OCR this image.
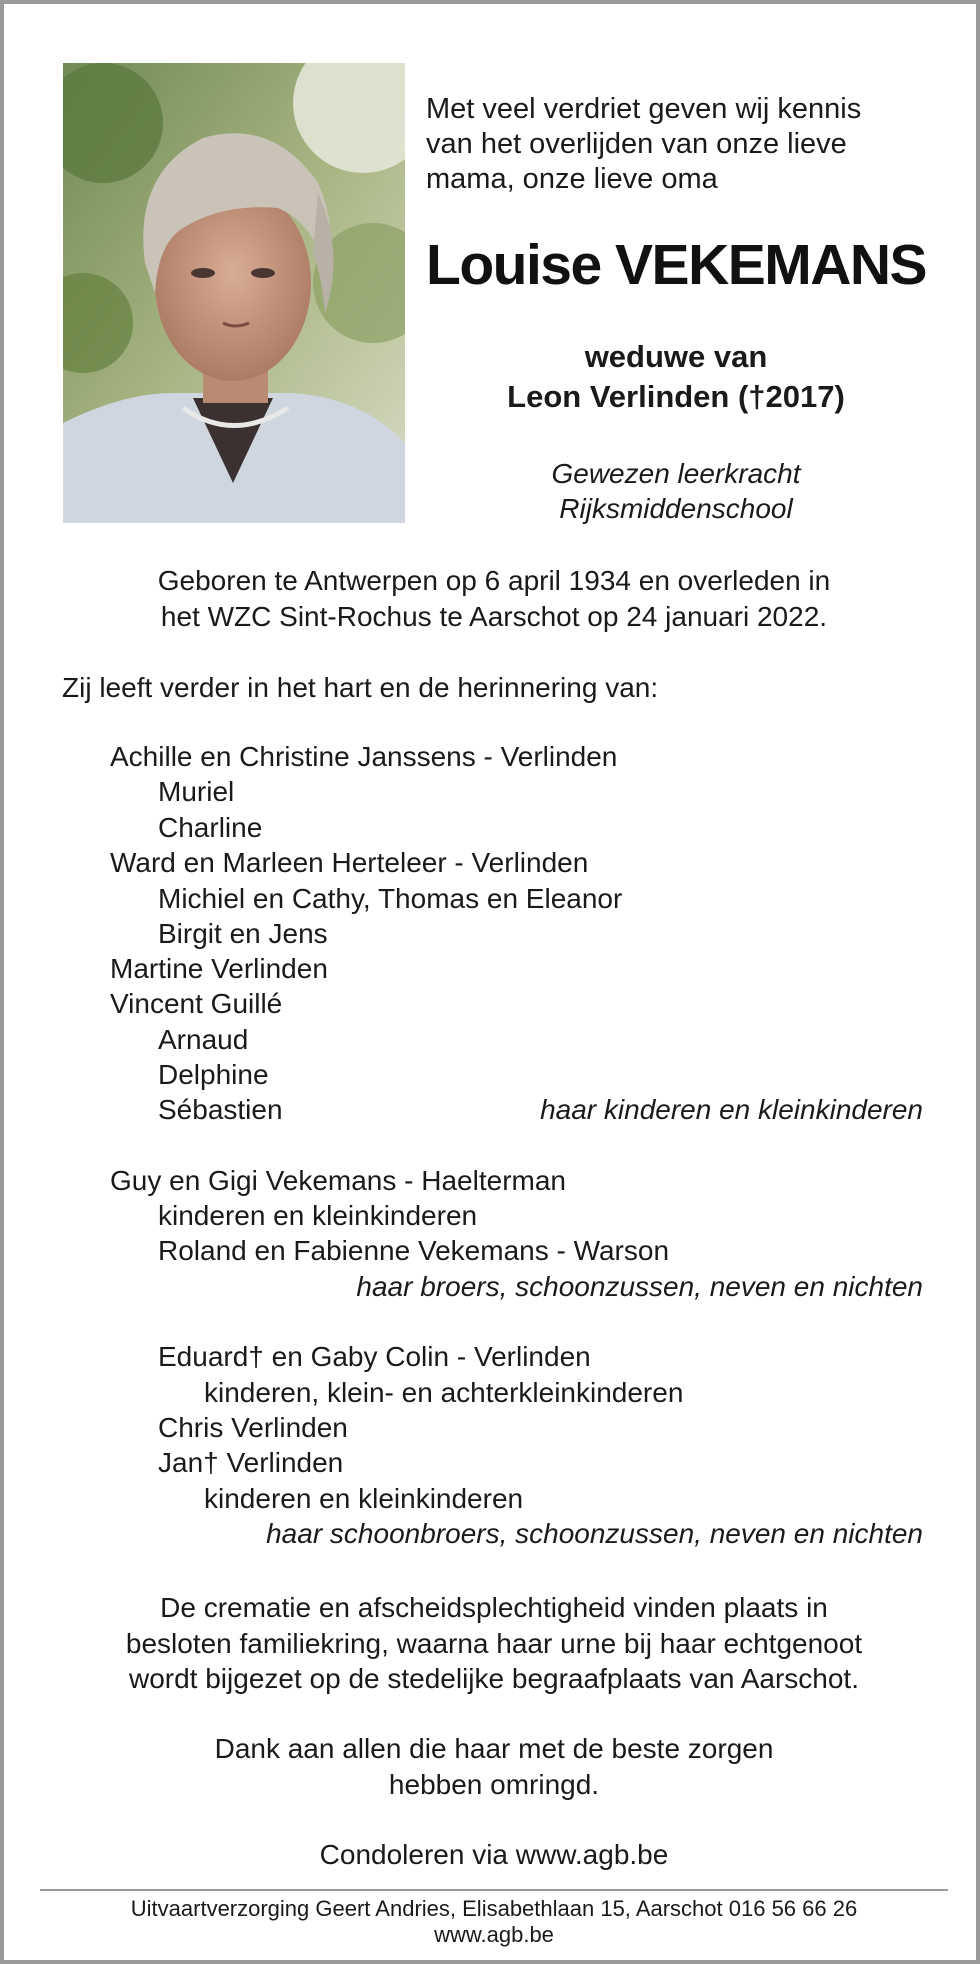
Met veel verdriet geven wij kennis
van het overlijden van onze lieve
mama, onze lieve oma
Louise VEKEMANS
weduwe van
Leon Verlinden (†2017)
Gewezen leerkracht
Rijksmiddenschool
Geboren te Antwerpen op 6 april 1934 en overleden in
het WZC Sint-Rochus te Aarschot op 24 januari 2022.
Zij leeft verder in het hart en de herinnering van:
Achille en Christine Janssens - Verlinden
Muriel
Charline
Ward en Marleen Herteleer - Verlinden
Michiel en Cathy, Thomas en Eleanor
Birgit en Jens
Martine Verlinden
Vincent Guillé
Arnaud
Delphine
Sébastien	haar kinderen en kleinkinderen
Guy en Gigi Vekemans - Haelterman
kinderen en kleinkinderen
Roland en Fabienne Vekemans - Warson
haar broers, schoonzussen, neven en nichten
Eduard† en Gaby Colin - Verlinden
kinderen, klein- en achterkleinkinderen
Chris Verlinden
Jan† Verlinden
kinderen en kleinkinderen
haar schoonbroers, schoonzussen, neven en nichten
De crematie en afscheidsplechtigheid vinden plaats in
besloten familiekring, waarna haar urne bij haar echtgenoot
wordt bijgezet op de stedelijke begraafplaats van Aarschot.
Dank aan allen die haar met de beste zorgen
hebben omringd.
Condoleren via www.agb.be
Uitvaartverzorging Geert Andries, Elisabethlaan 15, Aarschot 016 56 66 26
www.agb.be
